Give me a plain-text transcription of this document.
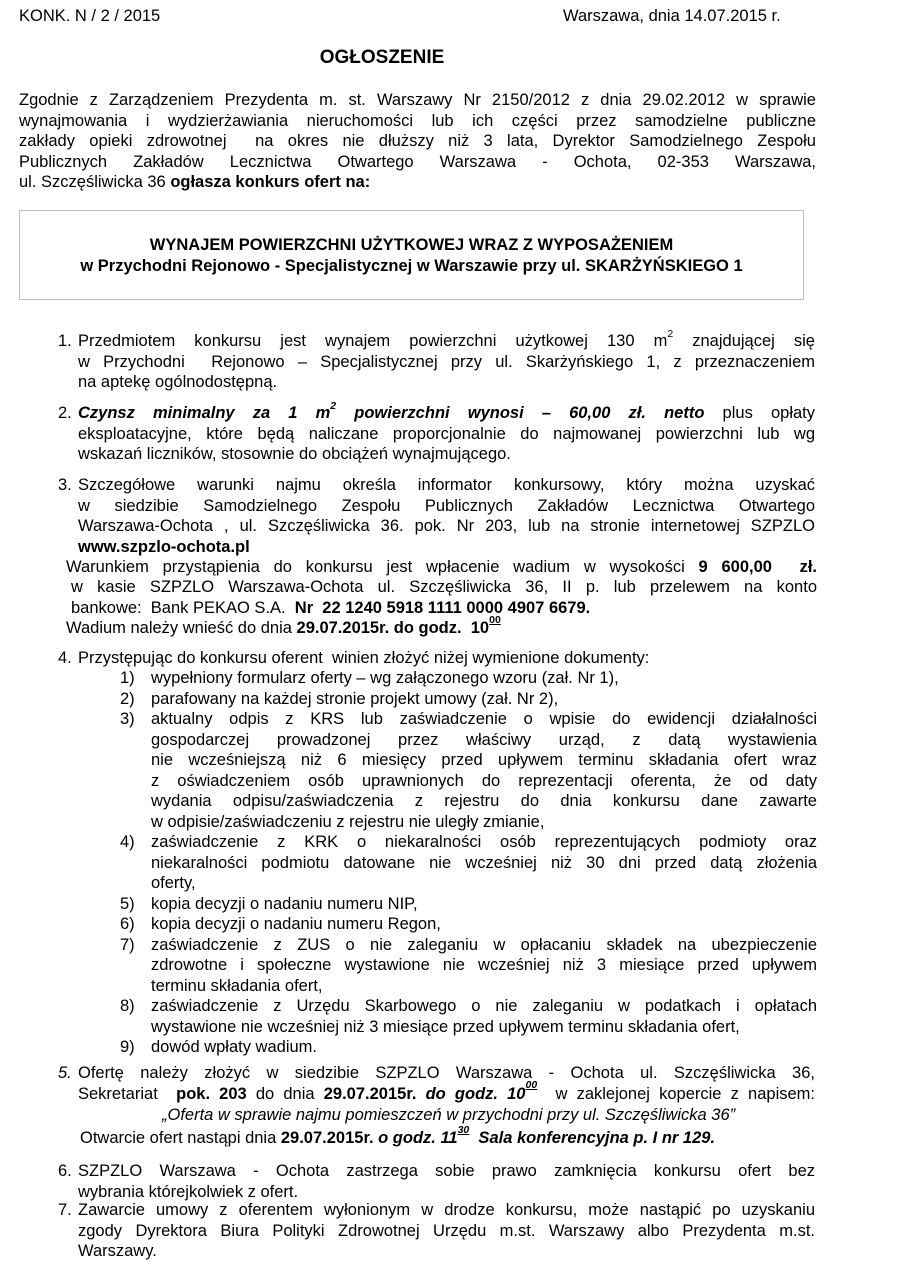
KONK. N / 2 / 2015	Warszawa, dnia 14.07.2015 r.
OGŁOSZENIE
Zgodnie z Zarządzeniem Prezydenta m. st. Warszawy Nr 2150/2012 z dnia 29.02.2012 w sprawie
wynajmowania i wydzierżawiania nieruchomości lub ich części przez samodzielne publiczne
zakłady opieki zdrowotnej  na okres nie dłuższy niż 3 lata, Dyrektor Samodzielnego Zespołu
Publicznych Zakładów Lecznictwa Otwartego Warszawa - Ochota, 02-353 Warszawa,
ul. Szczęśliwicka 36 ogłasza konkurs ofert na:
WYNAJEM POWIERZCHNI UŻYTKOWEJ WRAZ Z WYPOSAŻENIEM
w Przychodni Rejonowo - Specjalistycznej w Warszawie przy ul. SKARŻYŃSKIEGO 1
1. Przedmiotem konkursu jest wynajem powierzchni użytkowej 130 $m^2$ znajdującej się
w Przychodni  Rejonowo – Specjalistycznej przy ul. Skarżyńskiego 1, z przeznaczeniem
na aptekę ogólnodostępną.
2. Czynsz minimalny za 1 $m^2$ powierzchni wynosi – 60,00 zł. netto plus opłaty
eksploatacyjne, które będą naliczane proporcjonalnie do najmowanej powierzchni lub wg
wskazań liczników, stosownie do obciążeń wynajmującego.
3. Szczegółowe warunki najmu określa informator konkursowy, który można uzyskać
w siedzibie Samodzielnego Zespołu Publicznych Zakładów Lecznictwa Otwartego
Warszawa-Ochota , ul. Szczęśliwicka 36. pok. Nr 203, lub na stronie internetowej SZPZLO
www.szpzlo-ochota.pl
Warunkiem przystąpienia do konkursu jest wpłacenie wadium w wysokości 9 600,00  zł.
w kasie SZPZLO Warszawa-Ochota ul. Szczęśliwicka 36, II p. lub przelewem na konto
bankowe:  Bank PEKAO S.A.  Nr  22 1240 5918 1111 0000 4907 6679.
Wadium należy wnieść do dnia 29.07.2015r. do godz.  $10^{00}$
4. Przystępując do konkursu oferent  winien złożyć niżej wymienione dokumenty:
1) wypełniony formularz oferty – wg załączonego wzoru (zał. Nr 1),
2) parafowany na każdej stronie projekt umowy (zał. Nr 2),
3) aktualny odpis z KRS lub zaświadczenie o wpisie do ewidencji działalności
gospodarczej prowadzonej przez właściwy urząd, z datą wystawienia
nie wcześniejszą niż 6 miesięcy przed upływem terminu składania ofert wraz
z oświadczeniem osób uprawnionych do reprezentacji oferenta, że od daty
wydania odpisu/zaświadczenia z rejestru do dnia konkursu dane zawarte
w odpisie/zaświadczeniu z rejestru nie uległy zmianie,
4) zaświadczenie z KRK o niekaralności osób reprezentujących podmioty oraz
niekaralności podmiotu datowane nie wcześniej niż 30 dni przed datą złożenia
oferty,
5) kopia decyzji o nadaniu numeru NIP,
6) kopia decyzji o nadaniu numeru Regon,
7) zaświadczenie z ZUS o nie zaleganiu w opłacaniu składek na ubezpieczenie
zdrowotne i społeczne wystawione nie wcześniej niż 3 miesiące przed upływem
terminu składania ofert,
8) zaświadczenie z Urzędu Skarbowego o nie zaleganiu w podatkach i opłatach
wystawione nie wcześniej niż 3 miesiące przed upływem terminu składania ofert,
9) dowód wpłaty wadium.
5. Ofertę należy złożyć w siedzibie SZPZLO Warszawa - Ochota ul. Szczęśliwicka 36,
Sekretariat  pok. 203 do dnia 29.07.2015r. do godz. $10^{00}$  w zaklejonej kopercie z napisem:
„Oferta w sprawie najmu pomieszczeń w przychodni przy ul. Szczęśliwicka 36”
Otwarcie ofert nastąpi dnia 29.07.2015r. o godz. $11^{30}$  Sala konferencyjna p. I nr 129.
6. SZPZLO Warszawa - Ochota zastrzega sobie prawo zamknięcia konkursu ofert bez
wybrania którejkolwiek z ofert.
7. Zawarcie umowy z oferentem wyłonionym w drodze konkursu, może nastąpić po uzyskaniu
zgody Dyrektora Biura Polityki Zdrowotnej Urzędu m.st. Warszawy albo Prezydenta m.st.
Warszawy.
